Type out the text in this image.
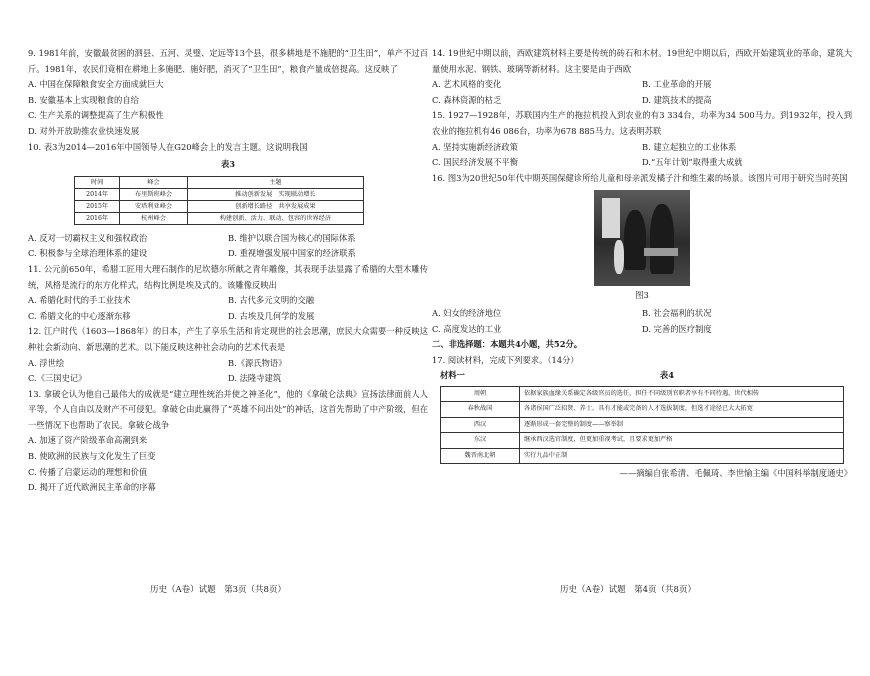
9. 1981年前，安徽最贫困的泗县、五河、灵璧、定远等13个县，很多耕地是不施肥的“卫生田”，单产不过百斤。1981年，农民们竟相在耕地上多施肥、施好肥，消灭了“卫生田”，粮食产量成倍提高。这反映了

A. 中国在保障粮食安全方面成就巨大

B. 安徽基本上实现粮食的自给

C. 生产关系的调整提高了生产积极性

D. 对外开放助推农业快速发展

10. 表3为2014—2016年中国领导人在G20峰会上的发言主题。这说明我国

表3

时间	峰会	主题
2014年	布里斯班峰会	推动创新发展　实现联动增长
2015年	安塔利亚峰会	创新增长路径　共享发展成果
2016年	杭州峰会	构建创新、活力、联动、包容的世界经济
A. 反对一切霸权主义和强权政治	B. 维护以联合国为核心的国际体系
C. 积极参与全球治理体系的建设	D. 重视增强发展中国家的经济联系

11. 公元前650年，希腊工匠用大理石制作的尼坎德尔所献之青年雕像，其表现手法显露了希腊的大型木雕传统，风格是流行的东方化样式，结构比例是埃及式的。该雕像反映出

A. 希腊化时代的手工业技术	B. 古代多元文明的交融
C. 希腊文化的中心逐渐东移	D. 古埃及几何学的发展

12. 江户时代（1603—1868年）的日本，产生了享乐生活和肯定现世的社会思潮，庶民大众需要一种反映这种社会新动向、新思潮的艺术。以下能反映这种社会动向的艺术代表是

A. 浮世绘	B.《源氏物语》
C.《三国史记》	D. 法隆寺建筑

13. 拿破仑认为他自己最伟大的成就是“建立理性统治并使之神圣化”，他的《拿破仑法典》宣扬法律面前人人平等，个人自由以及财产不可侵犯。拿破仑由此赢得了“英雄不问出处”的神话，这首先帮助了中产阶级，但在一些情况下也帮助了农民。拿破仑战争

A. 加速了资产阶级革命高潮到来

B. 使欧洲的民族与文化发生了巨变

C. 传播了启蒙运动的理想和价值

D. 揭开了近代欧洲民主革命的序幕

历史（A卷）试题　第3页（共8页）

14. 19世纪中期以前，西欧建筑材料主要是传统的砖石和木材。19世纪中期以后，西欧开始建筑业的革命，建筑大量使用水泥、钢铁、玻璃等新材料。这主要是由于西欧

A. 艺术风格的变化	B. 工业革命的开展
C. 森林资源的枯乏	D. 建筑技术的提高

15. 1927—1928年，苏联国内生产的拖拉机投入到农业的有3 334台，功率为34 500马力。到1932年，投入到农业的拖拉机有46 086台，功率为678 885马力。这表明苏联

A. 坚持实施新经济政策	B. 建立起独立的工业体系
C. 国民经济发展不平衡	D.“五年计划”取得重大成就

16. 图3为20世纪50年代中期英国保健诊所给儿童和母亲派发橘子汁和维生素的场景。该图片可用于研究当时英国

图3

A. 妇女的经济地位	B. 社会福利的状况
C. 高度发达的工业	D. 完善的医疗制度

二、非选择题：本题共4小题，共52分。

17. 阅读材料，完成下列要求。（14分）

材料一	表4
周朝	依据家族血缘关系确定各级官员的选任，担任不同级别官职者享有不同待遇，世代相传
春秋战国	各诸侯国广泛招贤、养士，具有才能或完备的人才选拔制度，但选才途径已大大拓宽
西汉	逐渐形成一套完整的制度——察举制
东汉	继承西汉选官制度，但更加重视考试，且要求更加严格
魏晋南北朝	实行九品中正制

——摘编自张希清、毛佩琦、李世愉主编《中国科举制度通史》

历史（A卷）试题　第4页（共8页）
